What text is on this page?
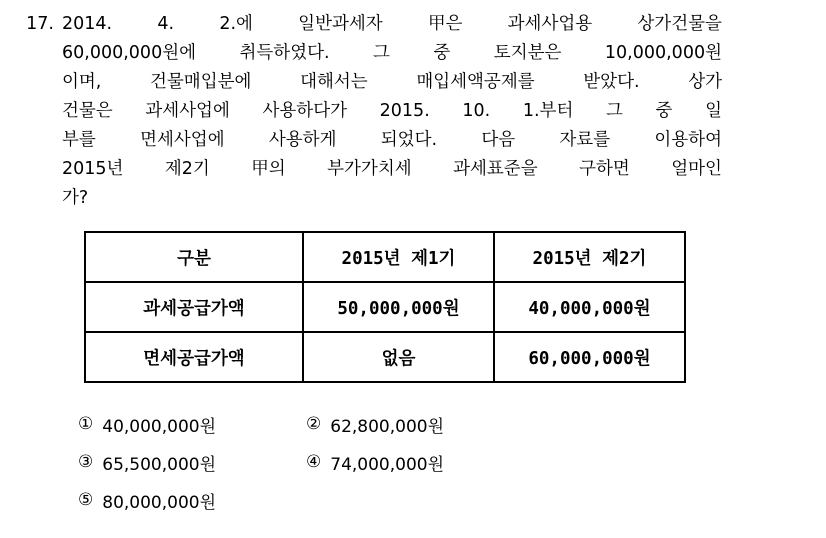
17. 2014.	4.	2.에	일반과세자	甲은	과세사업용	상가건물을
60,000,000원에 취득하였다. 그 중 토지분은 10,000,000원
이며,	건물매입분에	대해서는	매입세액공제를	받았다.	상가
건물은 과세사업에 사용하다가 2015. 10. 1.부터 그 중 일
부를	면세사업에	사용하게	되었다.	다음	자료를	이용하여
2015년 제2기 甲의 부가가치세 과세표준을 구하면 얼마인
가?
구분	2015년 제1기	2015년 제2기
과세공급가액	50,000,000원	40,000,000원
면세공급가액	없음	60,000,000원
① 40,000,000원	② 62,800,000원
③ 65,500,000원	④ 74,000,000원
⑤ 80,000,000원
